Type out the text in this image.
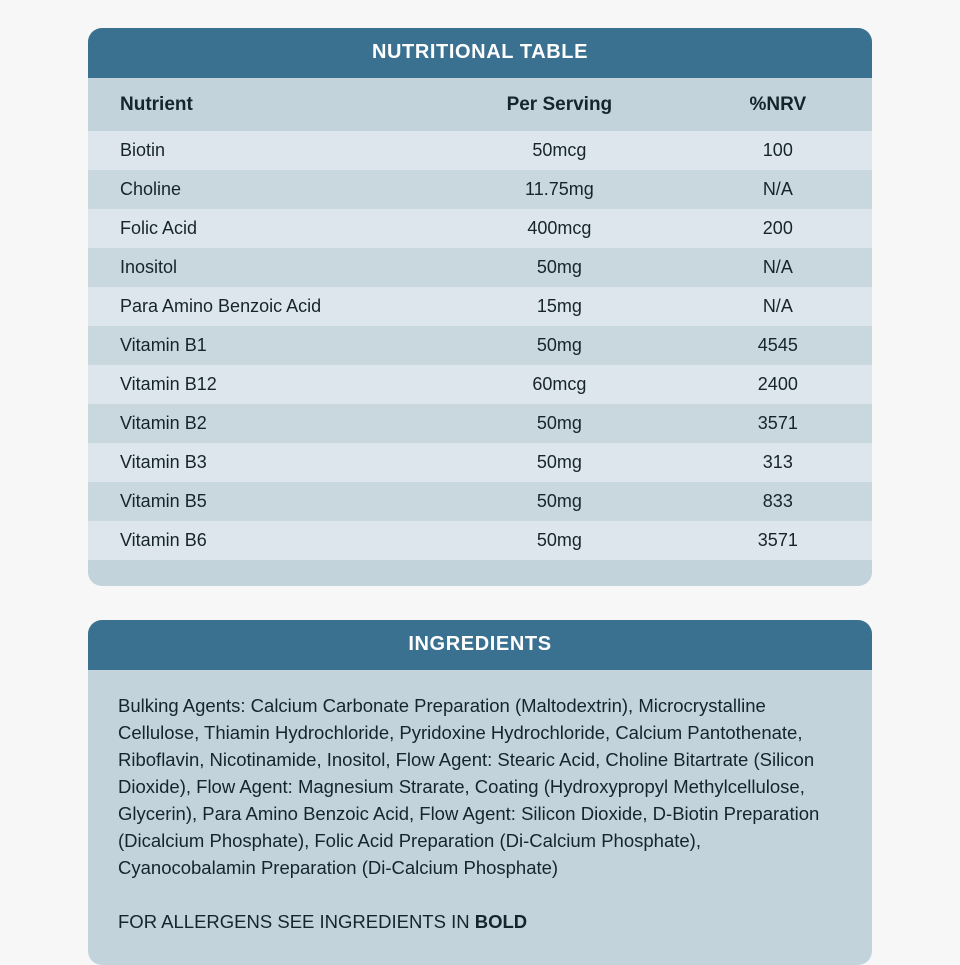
NUTRITIONAL TABLE
Nutrient	Per Serving	%NRV
Biotin	50mcg	100
Choline	11.75mg	N/A
Folic Acid	400mcg	200
Inositol	50mg	N/A
Para Amino Benzoic Acid	15mg	N/A
Vitamin B1	50mg	4545
Vitamin B12	60mcg	2400
Vitamin B2	50mg	3571
Vitamin B3	50mg	313
Vitamin B5	50mg	833
Vitamin B6	50mg	3571
INGREDIENTS

Bulking Agents: Calcium Carbonate Preparation (Maltodextrin), Microcrystalline Cellulose, Thiamin Hydrochloride, Pyridoxine Hydrochloride, Calcium Pantothenate, Riboflavin, Nicotinamide, Inositol, Flow Agent: Stearic Acid, Choline Bitartrate (Silicon Dioxide), Flow Agent: Magnesium Strarate, Coating (Hydroxypropyl Methylcellulose, Glycerin), Para Amino Benzoic Acid, Flow Agent: Silicon Dioxide, D-Biotin Preparation (Dicalcium Phosphate), Folic Acid Preparation (Di-Calcium Phosphate), Cyanocobalamin Preparation (Di-Calcium Phosphate)

FOR ALLERGENS SEE INGREDIENTS IN BOLD
